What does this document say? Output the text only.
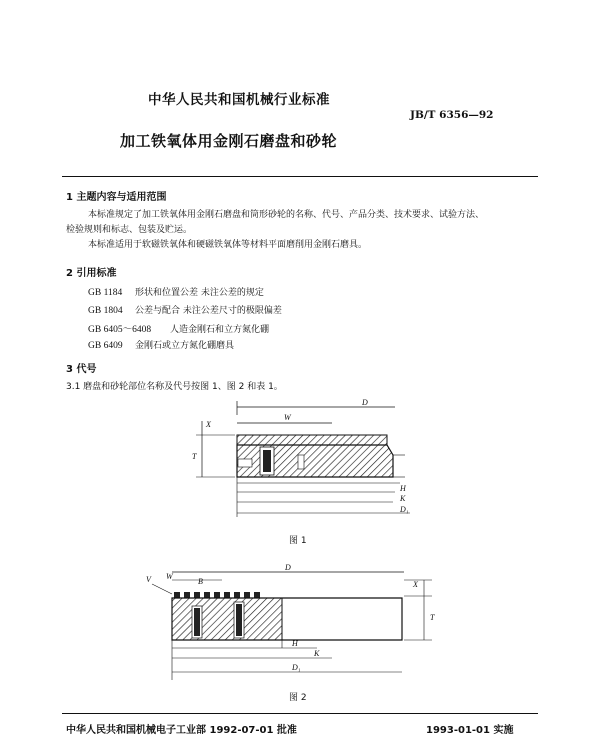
中华人民共和国机械行业标准
JB/T 6356—92
加工铁氧体用金刚石磨盘和砂轮
1 主题内容与适用范围
本标准规定了加工铁氧体用金刚石磨盘和筒形砂轮的名称、代号、产品分类、技术要求、试验方法、
检验规则和标志、包装及贮运。
本标准适用于软磁铁氧体和硬磁铁氧体等材料平面磨削用金刚石磨具。
2 引用标准
GB 1184 形状和位置公差 未注公差的规定
GB 1804 公差与配合 未注公差尺寸的极限偏差
GB 6405～6408 人造金刚石和立方氮化硼
GB 6409 金刚石或立方氮化硼磨具
3 代号
3.1 磨盘和砂轮部位名称及代号按图 1、图 2 和表 1。
D
W
X
T
H
K
D₁
图 1
D
W
B
V
X
T
H
K
D₁
图 2
中华人民共和国机械电子工业部 1992-07-01 批准	1993-01-01 实施
